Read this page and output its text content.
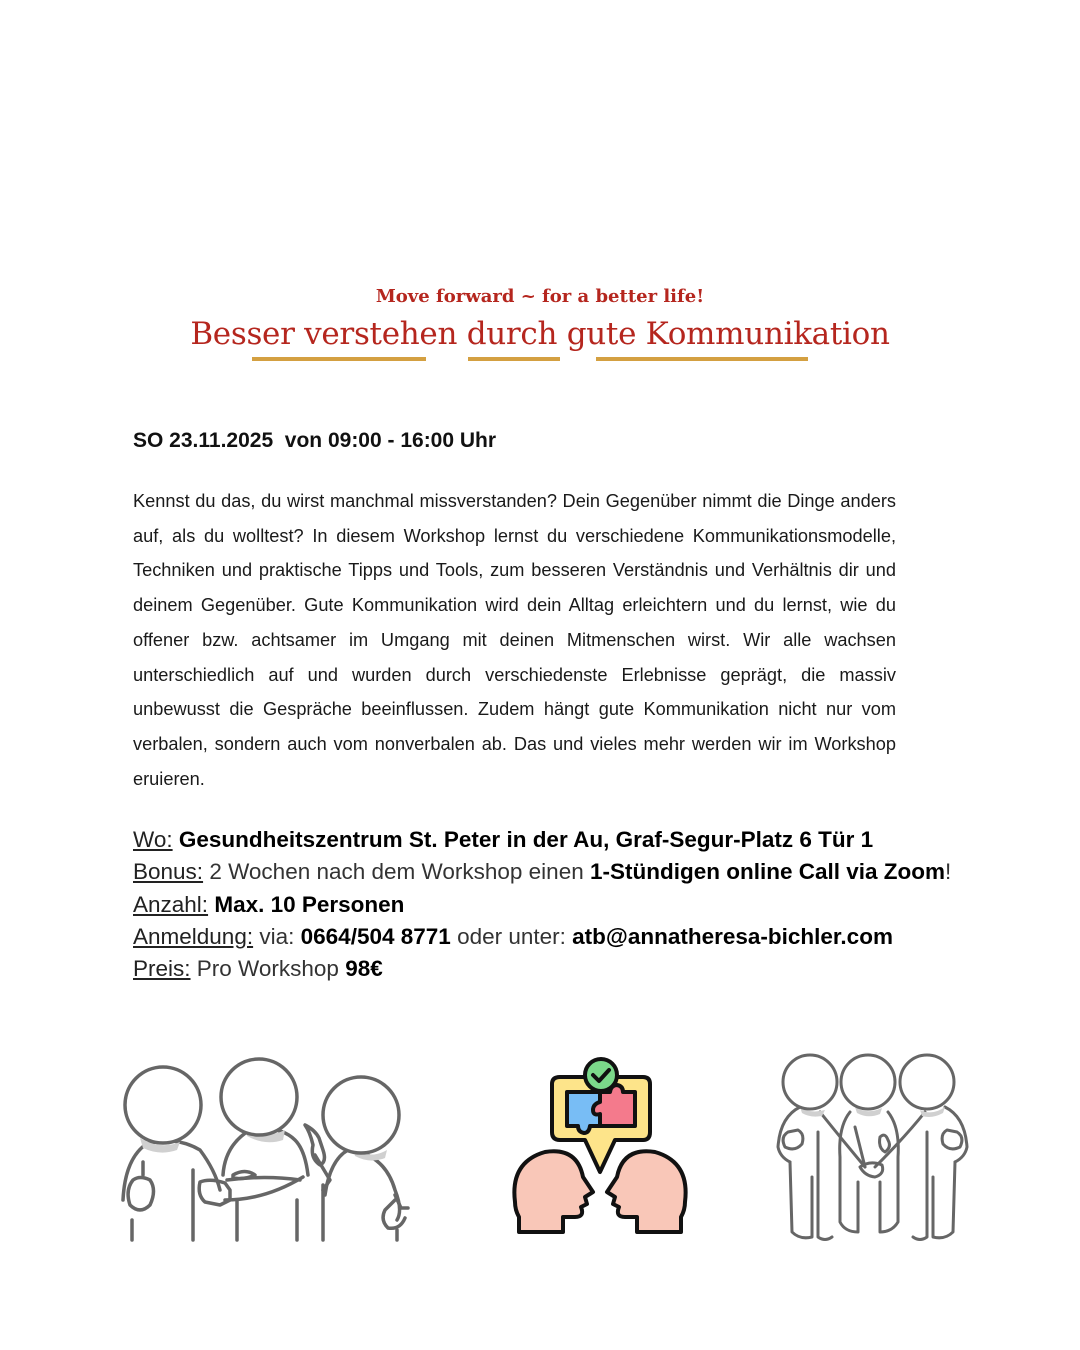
Move forward ~ for a better life!
Besser verstehen durch gute Kommunikation
SO 23.11.2025  von 09:00 - 16:00 Uhr
Kennst du das, du wirst manchmal missverstanden? Dein Gegenüber nimmt die Dinge anders auf, als du wolltest? In diesem Workshop lernst du verschiedene Kommunikationsmodelle, Techniken und praktische Tipps und Tools, zum besseren Verständnis und Verhältnis dir und deinem Gegenüber. Gute Kommunikation wird dein Alltag erleichtern und du lernst, wie du offener bzw. achtsamer im Umgang mit deinen Mitmenschen wirst. Wir alle wachsen unterschiedlich auf und wurden durch verschiedenste Erlebnisse geprägt, die massiv unbewusst die Gespräche beeinflussen. Zudem hängt gute Kommunikation nicht nur vom verbalen, sondern auch vom nonverbalen ab. Das und vieles mehr werden wir im Workshop eruieren.
Wo: Gesundheitszentrum St. Peter in der Au, Graf-Segur-Platz 6 Tür 1
Bonus: 2 Wochen nach dem Workshop einen 1-Stündigen online Call via Zoom!
Anzahl: Max. 10 Personen
Anmeldung: via: 0664/504 8771 oder unter: atb@annatheresa-bichler.com
Preis: Pro Workshop 98€
